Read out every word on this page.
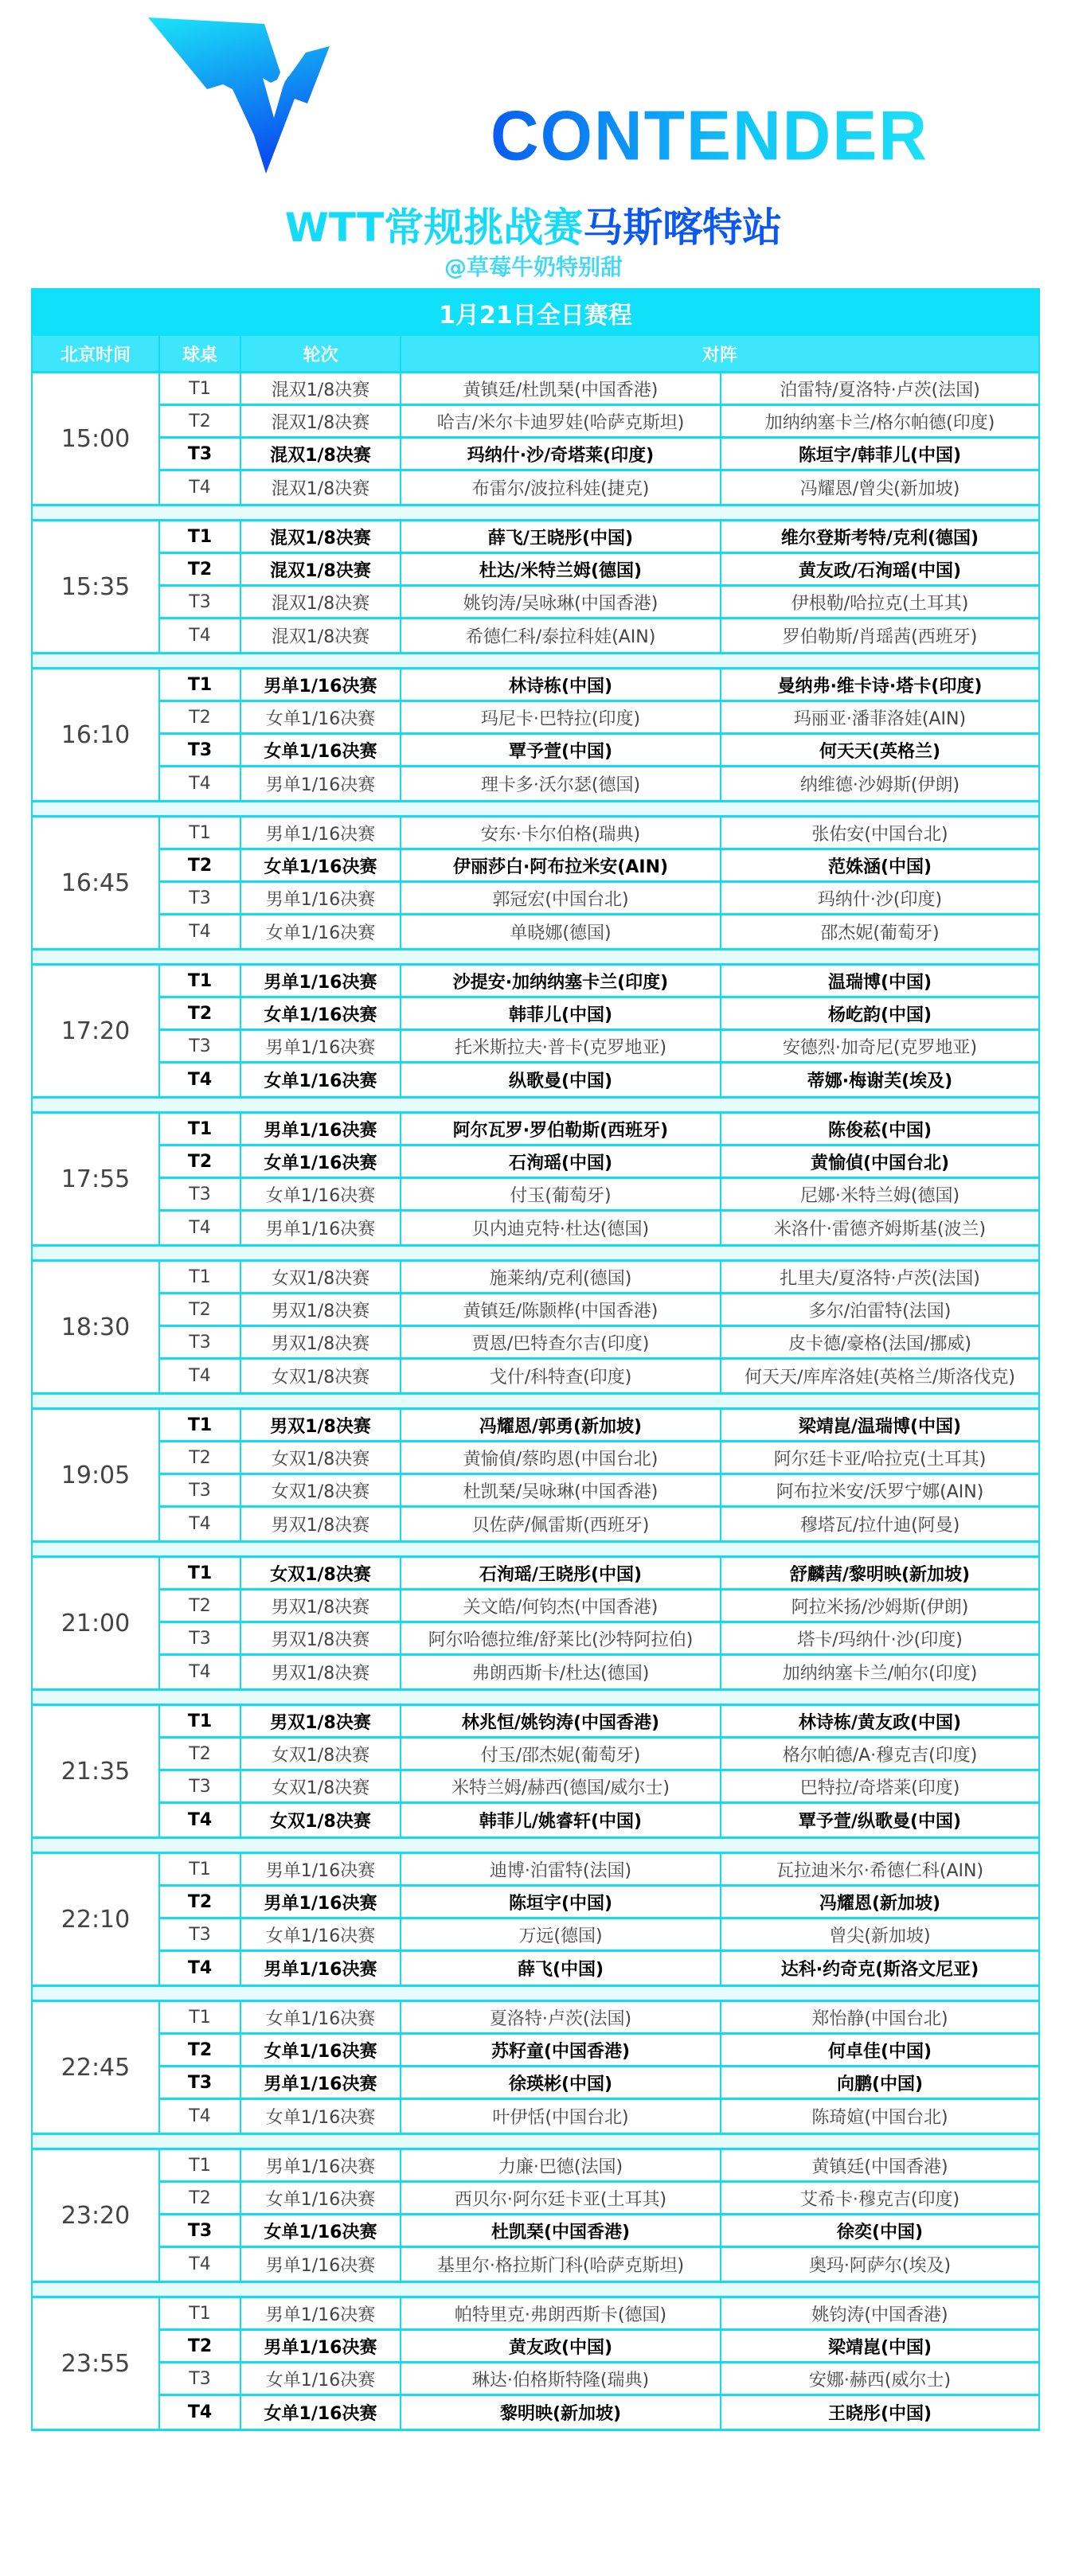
CONTENDER
WTT常规挑战赛马斯喀特站
@草莓牛奶特别甜
1月21日全日赛程
北京时间	球桌	轮次	对阵
15:00
T1	混双1/8决赛	黄镇廷/杜凯琹(中国香港)	泊雷特/夏洛特·卢茨(法国)
T2	混双1/8决赛	哈吉/米尔卡迪罗娃(哈萨克斯坦)	加纳纳塞卡兰/格尔帕德(印度)
T3	混双1/8决赛	玛纳什·沙/奇塔莱(印度)	陈垣宇/韩菲儿(中国)
T4	混双1/8决赛	布雷尔/波拉科娃(捷克)	冯耀恩/曾尖(新加坡)
15:35
T1	混双1/8决赛	薛飞/王晓彤(中国)	维尔登斯考特/克利(德国)
T2	混双1/8决赛	杜达/米特兰姆(德国)	黄友政/石洵瑶(中国)
T3	混双1/8决赛	姚钧涛/吴咏琳(中国香港)	伊根勒/哈拉克(土耳其)
T4	混双1/8决赛	希德仁科/泰拉科娃(AIN)	罗伯勒斯/肖瑶茜(西班牙)
16:10
T1	男单1/16决赛	林诗栋(中国)	曼纳弗·维卡诗·塔卡(印度)
T2	女单1/16决赛	玛尼卡·巴特拉(印度)	玛丽亚·潘菲洛娃(AIN)
T3	女单1/16决赛	覃予萱(中国)	何天天(英格兰)
T4	男单1/16决赛	理卡多·沃尔瑟(德国)	纳维德·沙姆斯(伊朗)
16:45
T1	男单1/16决赛	安东·卡尔伯格(瑞典)	张佑安(中国台北)
T2	女单1/16决赛	伊丽莎白·阿布拉米安(AIN)	范姝涵(中国)
T3	男单1/16决赛	郭冠宏(中国台北)	玛纳什·沙(印度)
T4	女单1/16决赛	单晓娜(德国)	邵杰妮(葡萄牙)
17:20
T1	男单1/16决赛	沙提安·加纳纳塞卡兰(印度)	温瑞博(中国)
T2	女单1/16决赛	韩菲儿(中国)	杨屹韵(中国)
T3	男单1/16决赛	托米斯拉夫·普卡(克罗地亚)	安德烈·加奇尼(克罗地亚)
T4	女单1/16决赛	纵歌曼(中国)	蒂娜·梅谢芙(埃及)
17:55
T1	男单1/16决赛	阿尔瓦罗·罗伯勒斯(西班牙)	陈俊菘(中国)
T2	女单1/16决赛	石洵瑶(中国)	黄愉偵(中国台北)
T3	女单1/16决赛	付玉(葡萄牙)	尼娜·米特兰姆(德国)
T4	男单1/16决赛	贝内迪克特·杜达(德国)	米洛什·雷德齐姆斯基(波兰)
18:30
T1	女双1/8决赛	施莱纳/克利(德国)	扎里夫/夏洛特·卢茨(法国)
T2	男双1/8决赛	黄镇廷/陈颢桦(中国香港)	多尔/泊雷特(法国)
T3	男双1/8决赛	贾恩/巴特查尔吉(印度)	皮卡德/豪格(法国/挪威)
T4	女双1/8决赛	戈什/科特查(印度)	何天天/库库洛娃(英格兰/斯洛伐克)
19:05
T1	男双1/8决赛	冯耀恩/郭勇(新加坡)	梁靖崑/温瑞博(中国)
T2	女双1/8决赛	黄愉偵/蔡昀恩(中国台北)	阿尔廷卡亚/哈拉克(土耳其)
T3	女双1/8决赛	杜凯琹/吴咏琳(中国香港)	阿布拉米安/沃罗宁娜(AIN)
T4	男双1/8决赛	贝佐萨/佩雷斯(西班牙)	穆塔瓦/拉什迪(阿曼)
21:00
T1	女双1/8决赛	石洵瑶/王晓彤(中国)	舒麟茜/黎明映(新加坡)
T2	男双1/8决赛	关文皓/何钧杰(中国香港)	阿拉米扬/沙姆斯(伊朗)
T3	男双1/8决赛	阿尔哈德拉维/舒莱比(沙特阿拉伯)	塔卡/玛纳什·沙(印度)
T4	男双1/8决赛	弗朗西斯卡/杜达(德国)	加纳纳塞卡兰/帕尔(印度)
21:35
T1	男双1/8决赛	林兆恒/姚钧涛(中国香港)	林诗栋/黄友政(中国)
T2	女双1/8决赛	付玉/邵杰妮(葡萄牙)	格尔帕德/A·穆克吉(印度)
T3	女双1/8决赛	米特兰姆/赫西(德国/威尔士)	巴特拉/奇塔莱(印度)
T4	女双1/8决赛	韩菲儿/姚睿轩(中国)	覃予萱/纵歌曼(中国)
22:10
T1	男单1/16决赛	迪博·泊雷特(法国)	瓦拉迪米尔·希德仁科(AIN)
T2	男单1/16决赛	陈垣宇(中国)	冯耀恩(新加坡)
T3	女单1/16决赛	万远(德国)	曾尖(新加坡)
T4	男单1/16决赛	薛飞(中国)	达科·约奇克(斯洛文尼亚)
22:45
T1	女单1/16决赛	夏洛特·卢茨(法国)	郑怡静(中国台北)
T2	女单1/16决赛	苏籽童(中国香港)	何卓佳(中国)
T3	男单1/16决赛	徐瑛彬(中国)	向鹏(中国)
T4	女单1/16决赛	叶伊恬(中国台北)	陈琦媗(中国台北)
23:20
T1	男单1/16决赛	力廉·巴德(法国)	黄镇廷(中国香港)
T2	女单1/16决赛	西贝尔·阿尔廷卡亚(土耳其)	艾希卡·穆克吉(印度)
T3	女单1/16决赛	杜凯琹(中国香港)	徐奕(中国)
T4	男单1/16决赛	基里尔·格拉斯门科(哈萨克斯坦)	奥玛·阿萨尔(埃及)
23:55
T1	男单1/16决赛	帕特里克·弗朗西斯卡(德国)	姚钧涛(中国香港)
T2	男单1/16决赛	黄友政(中国)	梁靖崑(中国)
T3	女单1/16决赛	琳达·伯格斯特隆(瑞典)	安娜·赫西(威尔士)
T4	女单1/16决赛	黎明映(新加坡)	王晓彤(中国)
